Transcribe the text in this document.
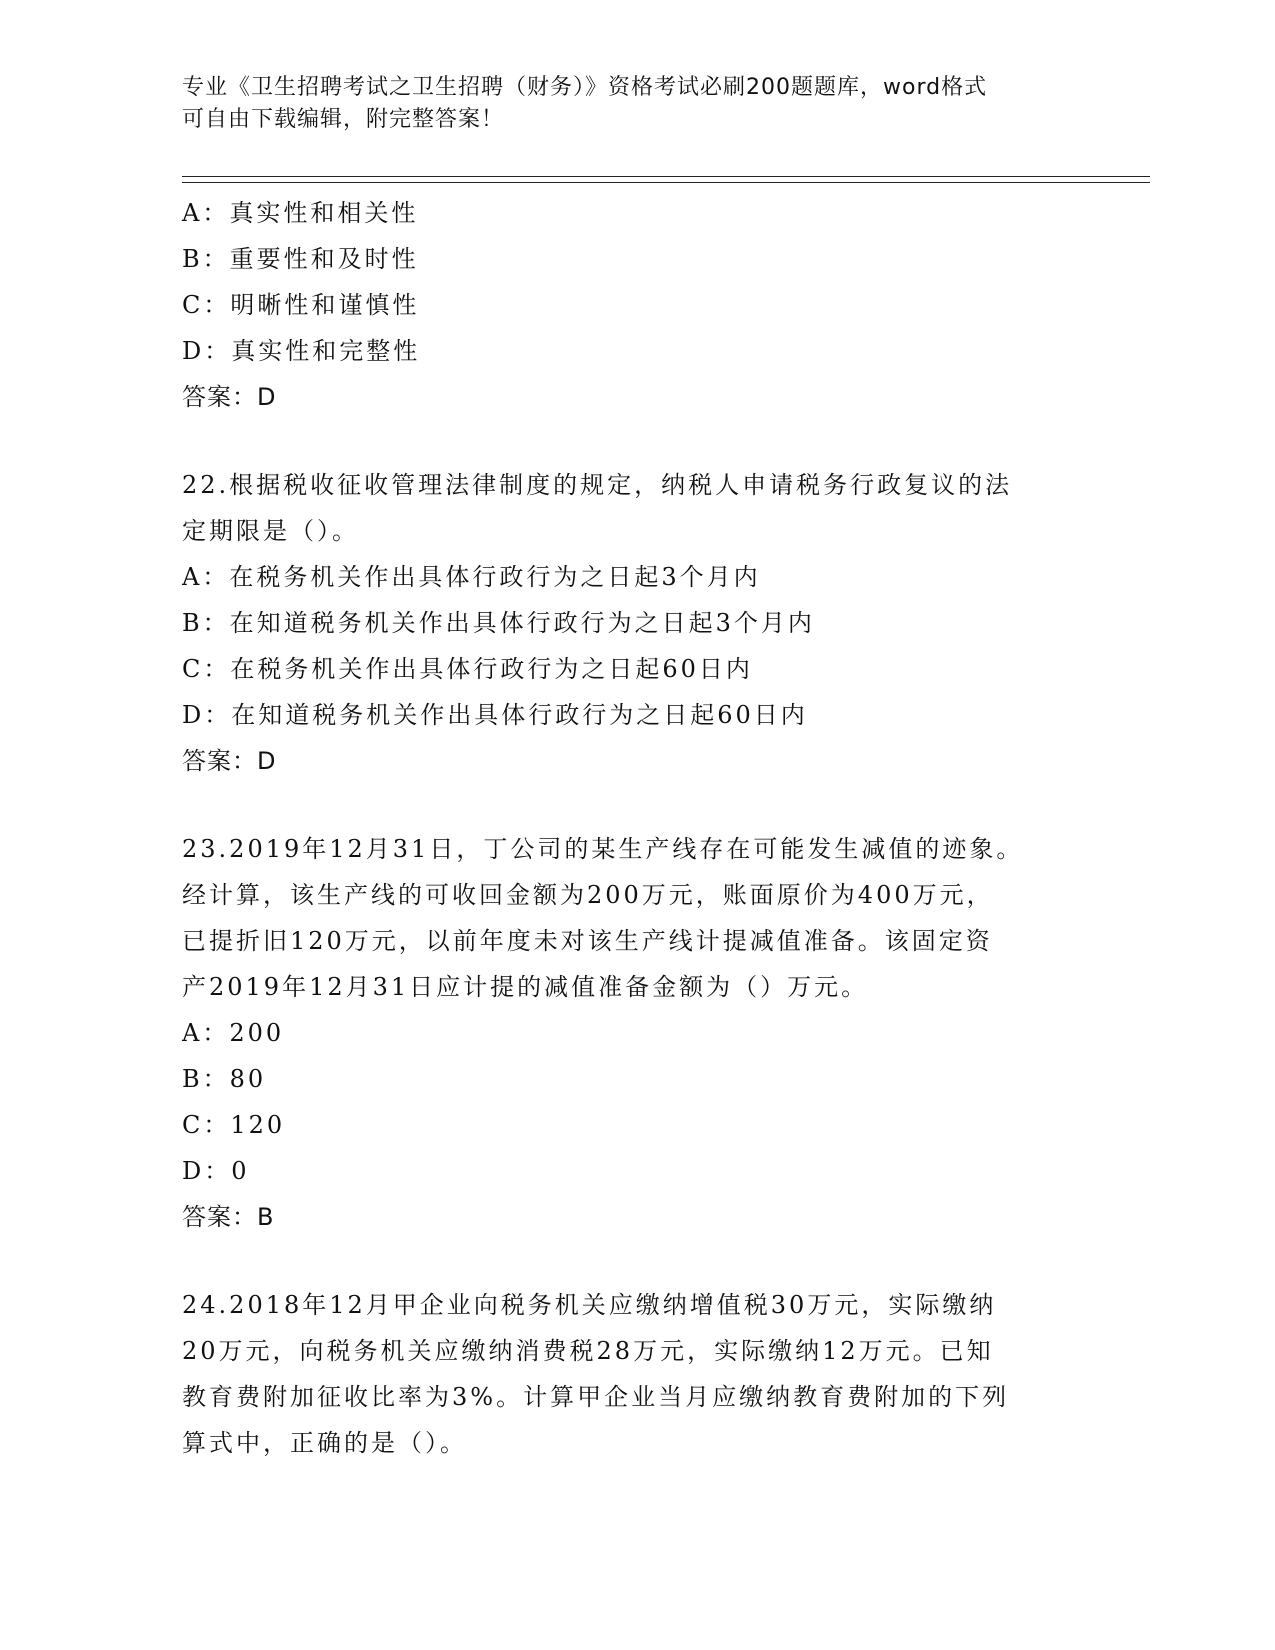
专业《卫生招聘考试之卫生招聘（财务）》资格考试必刷200题题库，word格式
可自由下载编辑，附完整答案！
A：真实性和相关性
B：重要性和及时性
C：明晰性和谨慎性
D：真实性和完整性
答案：D
22.根据税收征收管理法律制度的规定，纳税人申请税务行政复议的法
定期限是（）。
A：在税务机关作出具体行政行为之日起3个月内
B：在知道税务机关作出具体行政行为之日起3个月内
C：在税务机关作出具体行政行为之日起60日内
D：在知道税务机关作出具体行政行为之日起60日内
答案：D
23.2019年12月31日，丁公司的某生产线存在可能发生减值的迹象。
经计算，该生产线的可收回金额为200万元，账面原价为400万元，
已提折旧120万元，以前年度未对该生产线计提减值准备。该固定资
产2019年12月31日应计提的减值准备金额为（）万元。
A：200
B：80
C：120
D：0
答案：B
24.2018年12月甲企业向税务机关应缴纳增值税30万元，实际缴纳
20万元，向税务机关应缴纳消费税28万元，实际缴纳12万元。已知
教育费附加征收比率为3%。计算甲企业当月应缴纳教育费附加的下列
算式中，正确的是（）。
